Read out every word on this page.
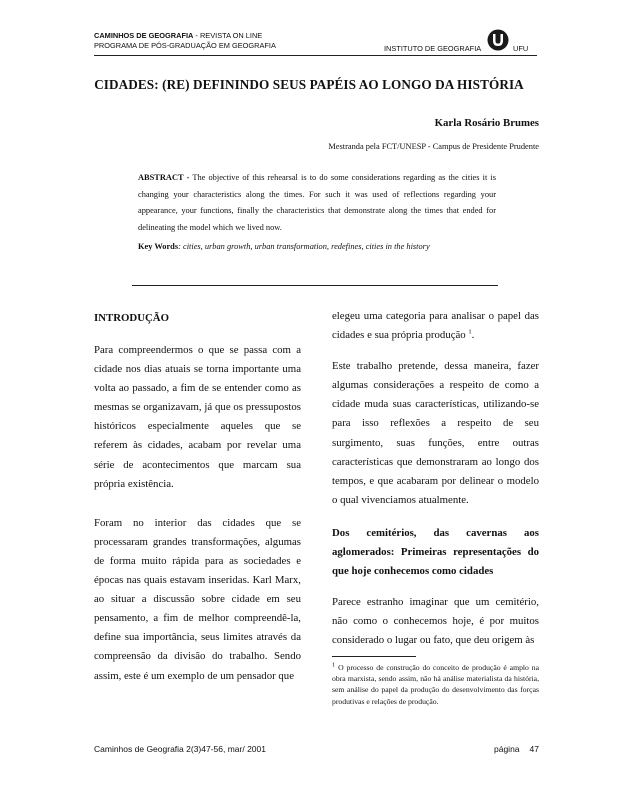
CAMINHOS DE GEOGRAFIA - REVISTA ON LINE
PROGRAMA DE PÓS-GRADUAÇÃO EM GEOGRAFIA	INSTITUTO DE GEOGRAFIA	UFU
CIDADES: (RE) DEFININDO SEUS PAPÉIS AO LONGO DA HISTÓRIA
Karla Rosário Brumes
Mestranda pela FCT/UNESP - Campus de Presidente Prudente
ABSTRACT - The objective of this rehearsal is to do some considerations regarding as the cities it is changing your characteristics along the times. For such it was used of reflections regarding your appearance, your functions, finally the characteristics that demonstrate along the times that ended for delineating the model which we lived now.
Key Words: cities, urban growth, urban transformation, redefines, cities in the history
INTRODUÇÃO

Para compreendermos o que se passa com a cidade nos dias atuais se torna importante uma volta ao passado, a fim de se entender como as mesmas se organizavam, já que os pressupostos históricos especialmente aqueles que se referem às cidades, acabam por revelar uma série de acontecimentos que marcam sua própria existência.

Foram no interior das cidades que se processaram grandes transformações, algumas de forma muito rápida para as sociedades e épocas nas quais estavam inseridas. Karl Marx, ao situar a discussão sobre cidade em seu pensamento, a fim de melhor compreendê-la, define sua importância, seus limites através da compreensão da divisão do trabalho. Sendo assim, este é um exemplo de um pensador que

elegeu uma categoria para analisar o papel das cidades e sua própria produção $^1$.

Este trabalho pretende, dessa maneira, fazer algumas considerações a respeito de como a cidade muda suas características, utilizando-se para isso reflexões a respeito de seu surgimento, suas funções, entre outras características que demonstraram ao longo dos tempos, e que acabaram por delinear o modelo o qual vivenciamos atualmente.

Dos cemitérios, das cavernas aos aglomerados: Primeiras representações do que hoje conhecemos como cidades

Parece estranho imaginar que um cemitério, não como o conhecemos hoje, é por muitos considerado o lugar ou fato, que deu origem às

$^1$ O processo de construção do conceito de produção é amplo na obra marxista, sendo assim, não há análise materialista da história, sem análise do papel da produção do desenvolvimento das forças produtivas e relações de produção.
Caminhos de Geografia 2(3)47-56, mar/ 2001	página 47
